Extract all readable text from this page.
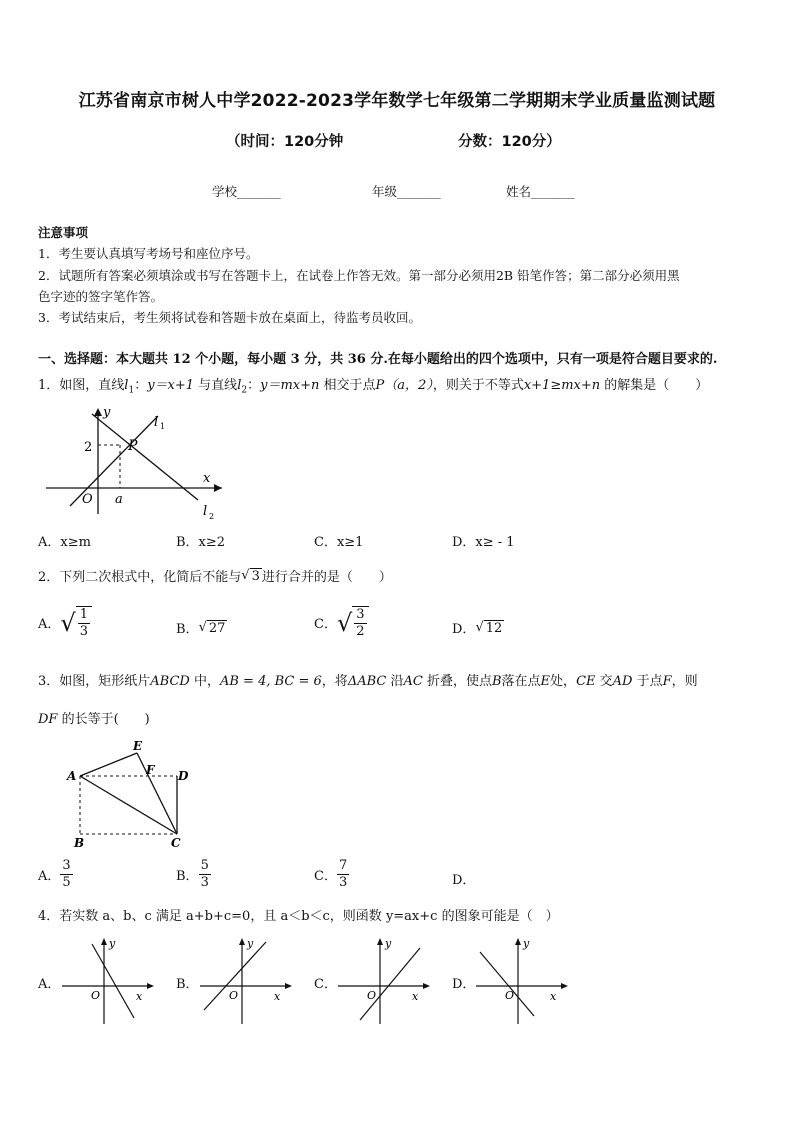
江苏省南京市树人中学2022-2023学年数学七年级第二学期期末学业质量监测试题
（时间：120分钟	分数：120分）
学校_______	年级_______	姓名_______
注意事项
1．考生要认真填写考场号和座位序号。
2．试题所有答案必须填涂或书写在答题卡上，在试卷上作答无效。第一部分必须用2B 铅笔作答；第二部分必须用黑
色字迹的签字笔作答。
3．考试结束后，考生须将试卷和答题卡放在桌面上，待监考员收回。
一、选择题：本大题共 12 个小题，每小题 3 分，共 36 分.在每小题给出的四个选项中，只有一项是符合题目要求的.
1．如图，直线$l_1$：y＝x+1 与直线$l_2$：y＝mx+n 相交于点P（a，2），则关于不等式x+1≥mx+n 的解集是（　　）
y
x
l 1
l 2
P
2
O a
A．x≥m	B．x≥2	C．x≥1	D．x≥ - 1
2．下列二次根式中，化简后不能与 √ 3 进行合并的是（　　）
A． √ $\frac{1}{3}$	B． √ 27	C． √ $\frac{3}{2}$	D． √ 12
3．如图，矩形纸片ABCD 中，AB = 4, BC = 6，将ΔABC 沿AC 折叠，使点B落在点E处，CE 交AD 于点F，则
DF 的长等于(　　)
E
A	F D
B	C
A． $\frac{3}{5}$	B． $\frac{5}{3}$	C． $\frac{7}{3}$	D．
4．若实数 a、b、c 满足 a+b+c=0，且 a＜b＜c，则函数 y=ax+c 的图象可能是（　）
A．	B．	C．	D．
y
x
O
y
x
O
y
x
O
y
x
O
